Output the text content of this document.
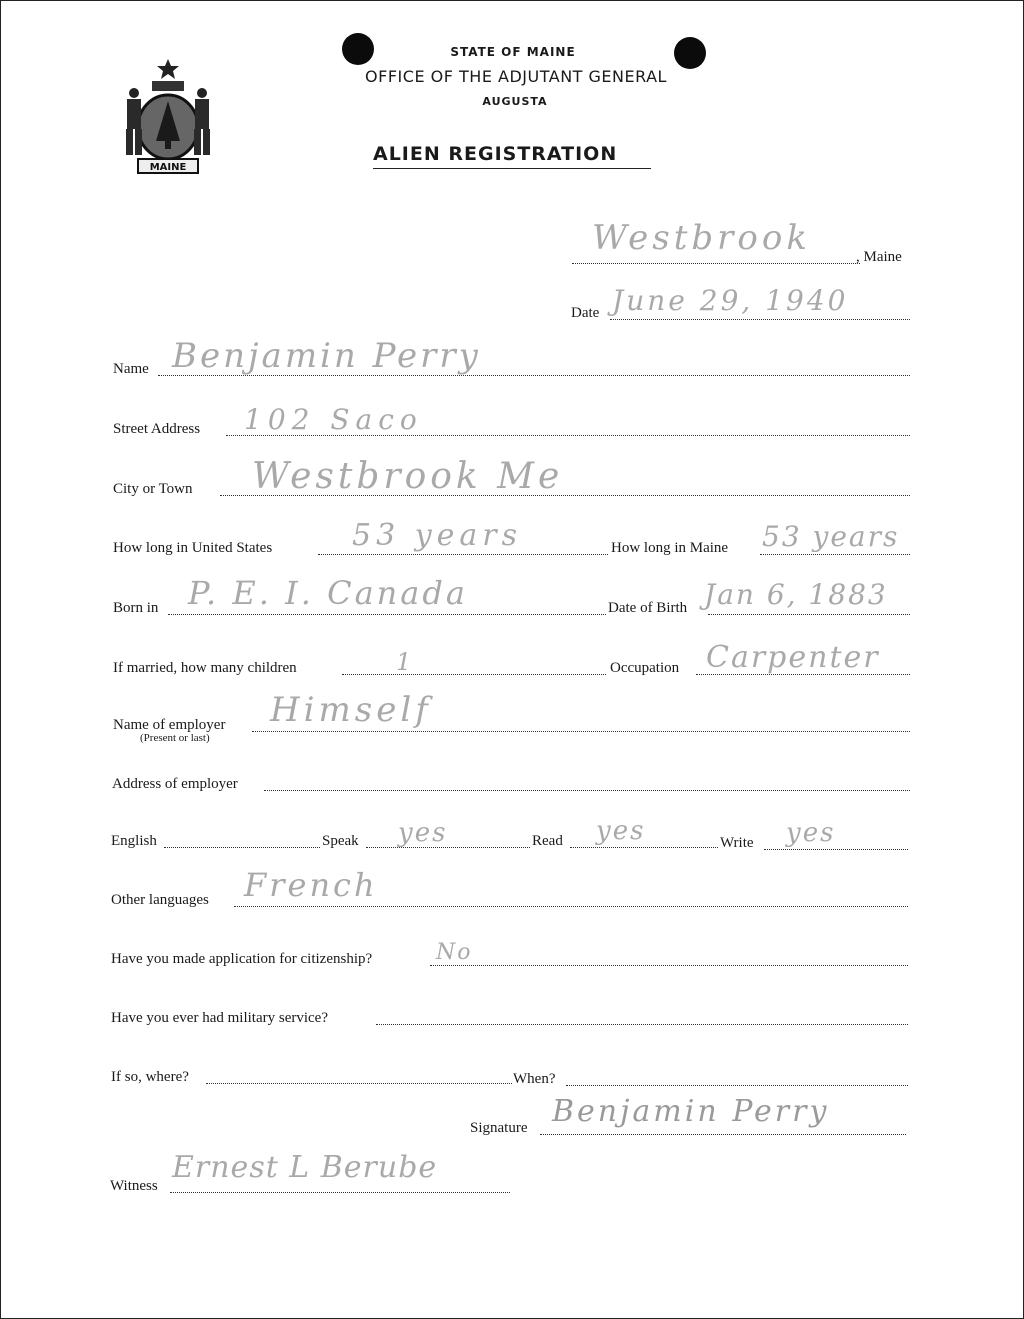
MAINE
STATE OF MAINE
OFFICE OF THE ADJUTANT GENERAL
AUGUSTA
ALIEN REGISTRATION
Westbrook	, Maine
Date June 29, 1940
Name Benjamin Perry
Street Address 102 Saco
City or Town Westbrook Me
How long in United States	53 years	How long in Maine 53 years
Born in P. E. I. Canada	Date of Birth Jan 6, 1883
If married, how many children	1	Occupation Carpenter
Name of employer
(Present or last)
Himself
Address of employer
English	Speak yes	Read yes	Write yes
Other languages French
Have you made application for citizenship?	No
Have you ever had military service?
If so, where?	When?
Signature Benjamin Perry
Witness
Ernest L Berube
